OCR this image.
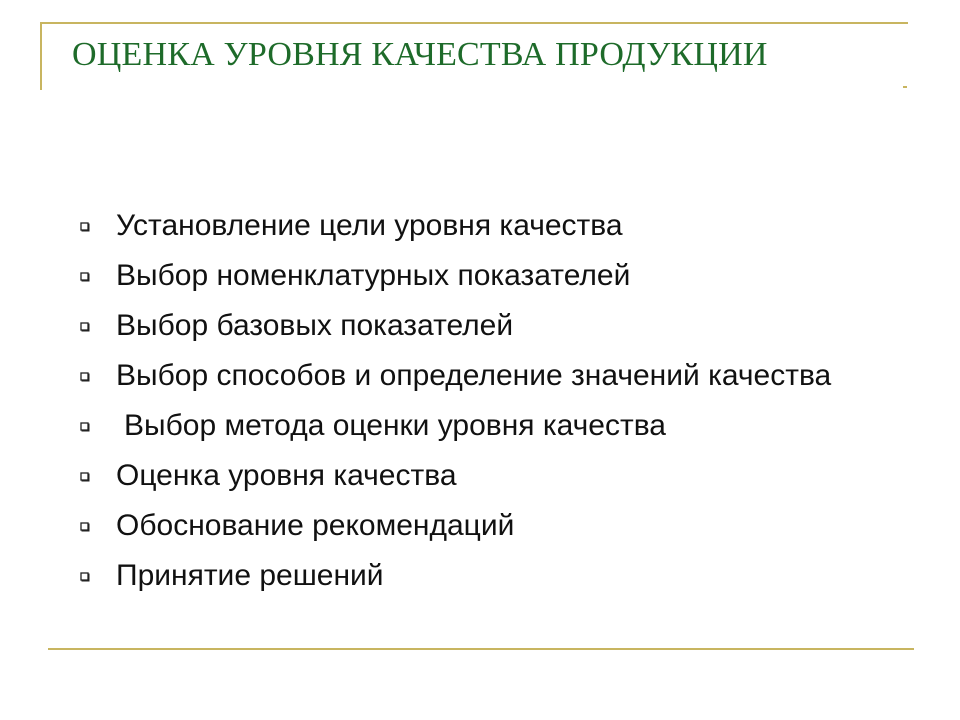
ОЦЕНКА УРОВНЯ КАЧЕСТВА ПРОДУКЦИИ
Установление цели уровня качества
Выбор номенклатурных показателей
Выбор базовых показателей
Выбор способов и определение значений качества
Выбор метода оценки уровня качества
Оценка уровня качества
Обоснование рекомендаций
Принятие решений
